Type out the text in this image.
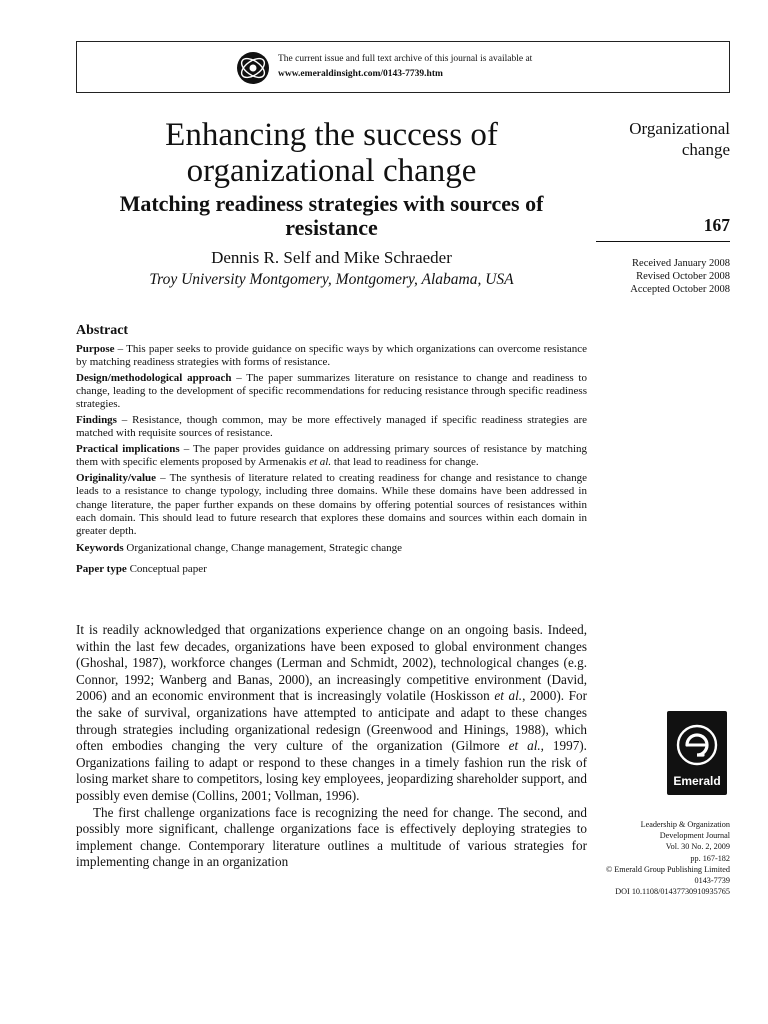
The current issue and full text archive of this journal is available at
www.emeraldinsight.com/0143-7739.htm
Enhancing the success of
organizational change
Matching readiness strategies with sources of
resistance
Dennis R. Self and Mike Schraeder
Troy University Montgomery, Montgomery, Alabama, USA
Organizational
change
167
Received January 2008
Revised October 2008
Accepted October 2008
Abstract

Purpose – This paper seeks to provide guidance on specific ways by which organizations can overcome resistance by matching readiness strategies with forms of resistance.

Design/methodological approach – The paper summarizes literature on resistance to change and readiness to change, leading to the development of specific recommendations for reducing resistance through specific readiness strategies.

Findings – Resistance, though common, may be more effectively managed if specific readiness strategies are matched with requisite sources of resistance.

Practical implications – The paper provides guidance on addressing primary sources of resistance by matching them with specific elements proposed by Armenakis et al. that lead to readiness for change.

Originality/value – The synthesis of literature related to creating readiness for change and resistance to change leads to a resistance to change typology, including three domains. While these domains have been addressed in change literature, the paper further expands on these domains by offering potential sources of resistances within each domain. This should lead to future research that explores these domains and sources within each domain in greater depth.

Keywords Organizational change, Change management, Strategic change

Paper type Conceptual paper

It is readily acknowledged that organizations experience change on an ongoing basis. Indeed, within the last few decades, organizations have been exposed to global environment changes (Ghoshal, 1987), workforce changes (Lerman and Schmidt, 2002), technological changes (e.g. Connor, 1992; Wanberg and Banas, 2000), an increasingly competitive environment (David, 2006) and an economic environment that is increasingly volatile (Hoskisson et al., 2000). For the sake of survival, organizations have attempted to anticipate and adapt to these changes through strategies including organizational redesign (Greenwood and Hinings, 1988), which often embodies changing the very culture of the organization (Gilmore et al., 1997). Organizations failing to adapt or respond to these changes in a timely fashion run the risk of losing market share to competitors, losing key employees, jeopardizing shareholder support, and possibly even demise (Collins, 2001; Vollman, 1996).

The first challenge organizations face is recognizing the need for change. The second, and possibly more significant, challenge organizations face is effectively deploying strategies to implement change. Contemporary literature outlines a multitude of various strategies for implementing change in an organization

Emerald
Leadership & Organization
Development Journal
Vol. 30 No. 2, 2009
pp. 167-182
© Emerald Group Publishing Limited
0143-7739
DOI 10.1108/01437730910935765
